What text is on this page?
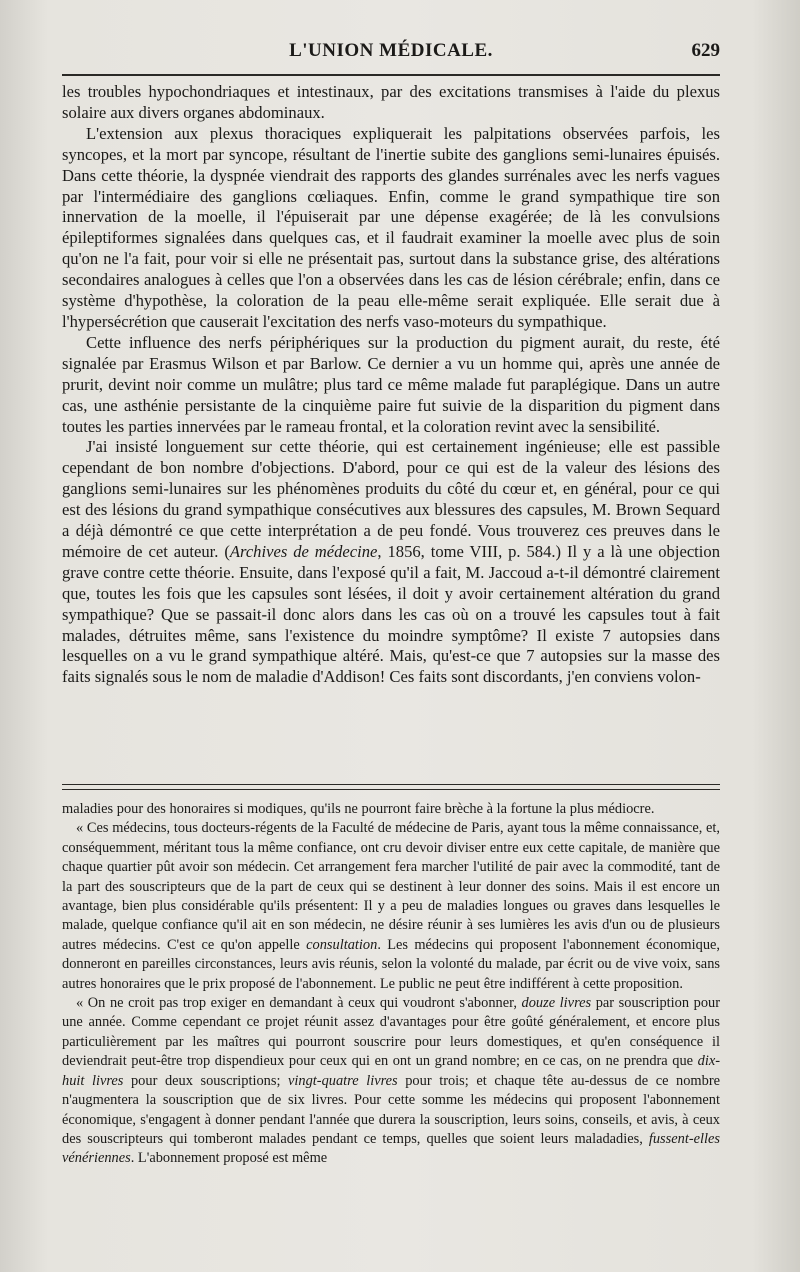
L'UNION MÉDICALE.	629

les troubles hypochondriaques et intestinaux, par des excitations transmises à l'aide du plexus solaire aux divers organes abdominaux.

L'extension aux plexus thoraciques expliquerait les palpitations observées parfois, les syncopes, et la mort par syncope, résultant de l'inertie subite des ganglions semi-lunaires épuisés. Dans cette théorie, la dyspnée viendrait des rapports des glandes surrénales avec les nerfs vagues par l'intermédiaire des ganglions cœliaques. Enfin, comme le grand sympathique tire son innervation de la moelle, il l'épuiserait par une dépense exagérée; de là les convulsions épileptiformes signalées dans quelques cas, et il faudrait examiner la moelle avec plus de soin qu'on ne l'a fait, pour voir si elle ne présentait pas, surtout dans la substance grise, des altérations secondaires analogues à celles que l'on a observées dans les cas de lésion cérébrale; enfin, dans ce système d'hypothèse, la coloration de la peau elle-même serait expliquée. Elle serait due à l'hypersécrétion que causerait l'excitation des nerfs vaso-moteurs du sympathique.

Cette influence des nerfs périphériques sur la production du pigment aurait, du reste, été signalée par Erasmus Wilson et par Barlow. Ce dernier a vu un homme qui, après une année de prurit, devint noir comme un mulâtre; plus tard ce même malade fut paraplégique. Dans un autre cas, une asthénie persistante de la cinquième paire fut suivie de la disparition du pigment dans toutes les parties innervées par le rameau frontal, et la coloration revint avec la sensibilité.

J'ai insisté longuement sur cette théorie, qui est certainement ingénieuse; elle est passible cependant de bon nombre d'objections. D'abord, pour ce qui est de la valeur des lésions des ganglions semi-lunaires sur les phénomènes produits du côté du cœur et, en général, pour ce qui est des lésions du grand sympathique consécutives aux blessures des capsules, M. Brown Sequard a déjà démontré ce que cette interprétation a de peu fondé. Vous trouverez ces preuves dans le mémoire de cet auteur. (Archives de médecine, 1856, tome VIII, p. 584.) Il y a là une objection grave contre cette théorie. Ensuite, dans l'exposé qu'il a fait, M. Jaccoud a-t-il démontré clairement que, toutes les fois que les capsules sont lésées, il doit y avoir certainement altération du grand sympathique? Que se passait-il donc alors dans les cas où on a trouvé les capsules tout à fait malades, détruites même, sans l'existence du moindre symptôme? Il existe 7 autopsies dans lesquelles on a vu le grand sympathique altéré. Mais, qu'est-ce que 7 autopsies sur la masse des faits signalés sous le nom de maladie d'Addison! Ces faits sont discordants, j'en conviens volon-

maladies pour des honoraires si modiques, qu'ils ne pourront faire brèche à la fortune la plus médiocre.

« Ces médecins, tous docteurs-régents de la Faculté de médecine de Paris, ayant tous la même connaissance, et, conséquemment, méritant tous la même confiance, ont cru devoir diviser entre eux cette capitale, de manière que chaque quartier pût avoir son médecin. Cet arrangement fera marcher l'utilité de pair avec la commodité, tant de la part des souscripteurs que de la part de ceux qui se destinent à leur donner des soins. Mais il est encore un avantage, bien plus considérable qu'ils présentent: Il y a peu de maladies longues ou graves dans lesquelles le malade, quelque confiance qu'il ait en son médecin, ne désire réunir à ses lumières les avis d'un ou de plusieurs autres médecins. C'est ce qu'on appelle consultation. Les médecins qui proposent l'abonnement économique, donneront en pareilles circonstances, leurs avis réunis, selon la volonté du malade, par écrit ou de vive voix, sans autres honoraires que le prix proposé de l'abonnement. Le public ne peut être indifférent à cette proposition.

« On ne croit pas trop exiger en demandant à ceux qui voudront s'abonner, douze livres par souscription pour une année. Comme cependant ce projet réunit assez d'avantages pour être goûté généralement, et encore plus particulièrement par les maîtres qui pourront souscrire pour leurs domestiques, et qu'en conséquence il deviendrait peut-être trop dispendieux pour ceux qui en ont un grand nombre; en ce cas, on ne prendra que dix-huit livres pour deux souscriptions; vingt-quatre livres pour trois; et chaque tête au-dessus de ce nombre n'augmentera la souscription que de six livres. Pour cette somme les médecins qui proposent l'abonnement économique, s'engagent à donner pendant l'année que durera la souscription, leurs soins, conseils, et avis, à ceux des souscripteurs qui tomberont malades pendant ce temps, quelles que soient leurs maladadies, fussent-elles vénériennes. L'abonnement proposé est même
